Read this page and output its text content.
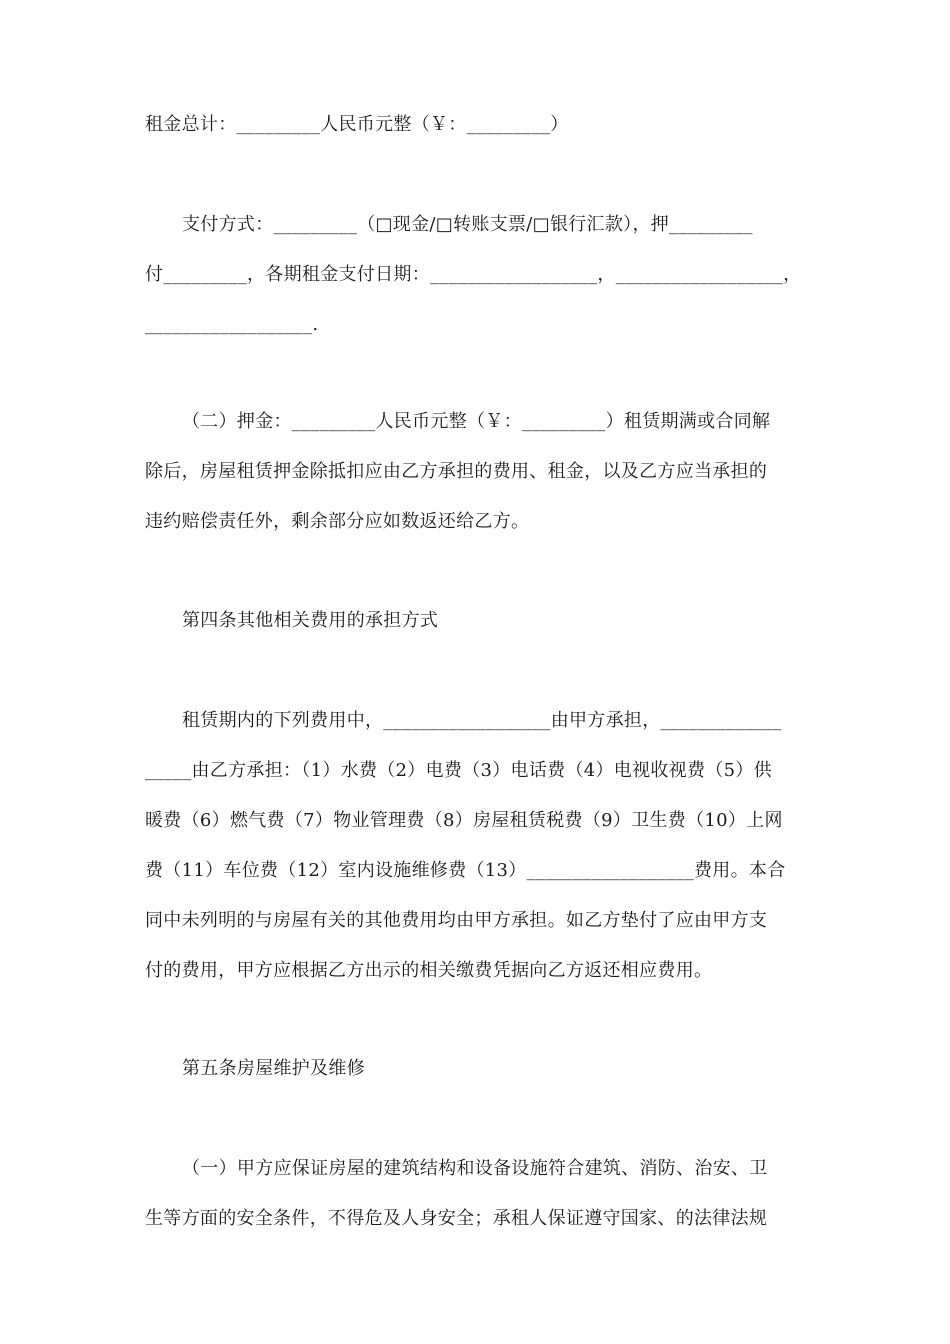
租金总计：_________人民币元整（￥：_________）
支付方式：_________（□现金/□转账支票/□银行汇款），押_________
付_________，各期租金支付日期：__________________，__________________，
__________________.
（二）押金：_________人民币元整（￥：_________）租赁期满或合同解
除后，房屋租赁押金除抵扣应由乙方承担的费用、租金，以及乙方应当承担的
违约赔偿责任外，剩余部分应如数返还给乙方。
第四条其他相关费用的承担方式
租赁期内的下列费用中，__________________由甲方承担，_____________
_____由乙方承担：（1）水费（2）电费（3）电话费（4）电视收视费（5）供
暖费（6）燃气费（7）物业管理费（8）房屋租赁税费（9）卫生费（10）上网
费（11）车位费（12）室内设施维修费（13）__________________费用。本合
同中未列明的与房屋有关的其他费用均由甲方承担。如乙方垫付了应由甲方支
付的费用，甲方应根据乙方出示的相关缴费凭据向乙方返还相应费用。
第五条房屋维护及维修
（一）甲方应保证房屋的建筑结构和设备设施符合建筑、消防、治安、卫
生等方面的安全条件，不得危及人身安全；承租人保证遵守国家、的法律法规
